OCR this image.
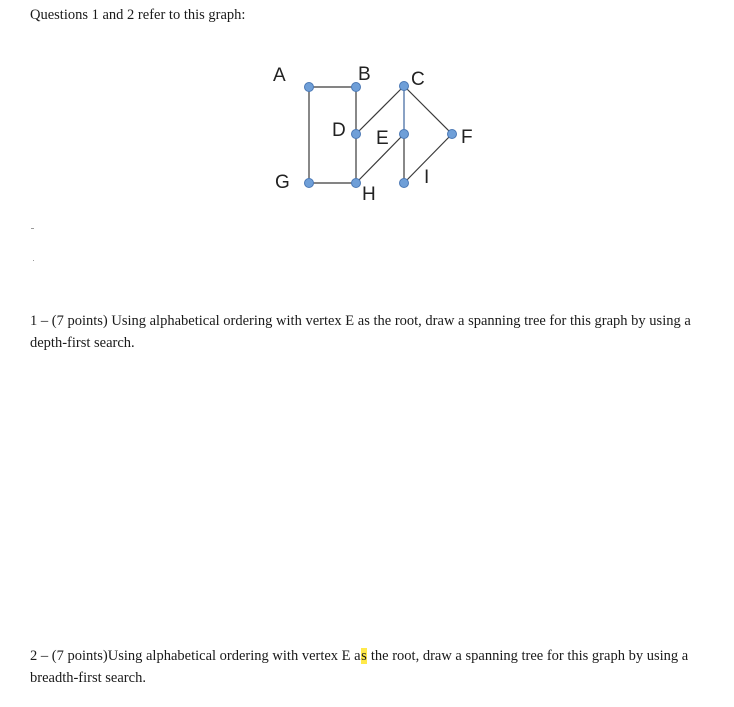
Questions 1 and 2 refer to this graph:

A	B C
D E	F
G
H
I

1 – (7 points) Using alphabetical ordering with vertex E as the root, draw a spanning tree for this graph by using a depth-first search.

2 – (7 points)Using alphabetical ordering with vertex E as the root, draw a spanning tree for this graph by using a breadth-first search.
